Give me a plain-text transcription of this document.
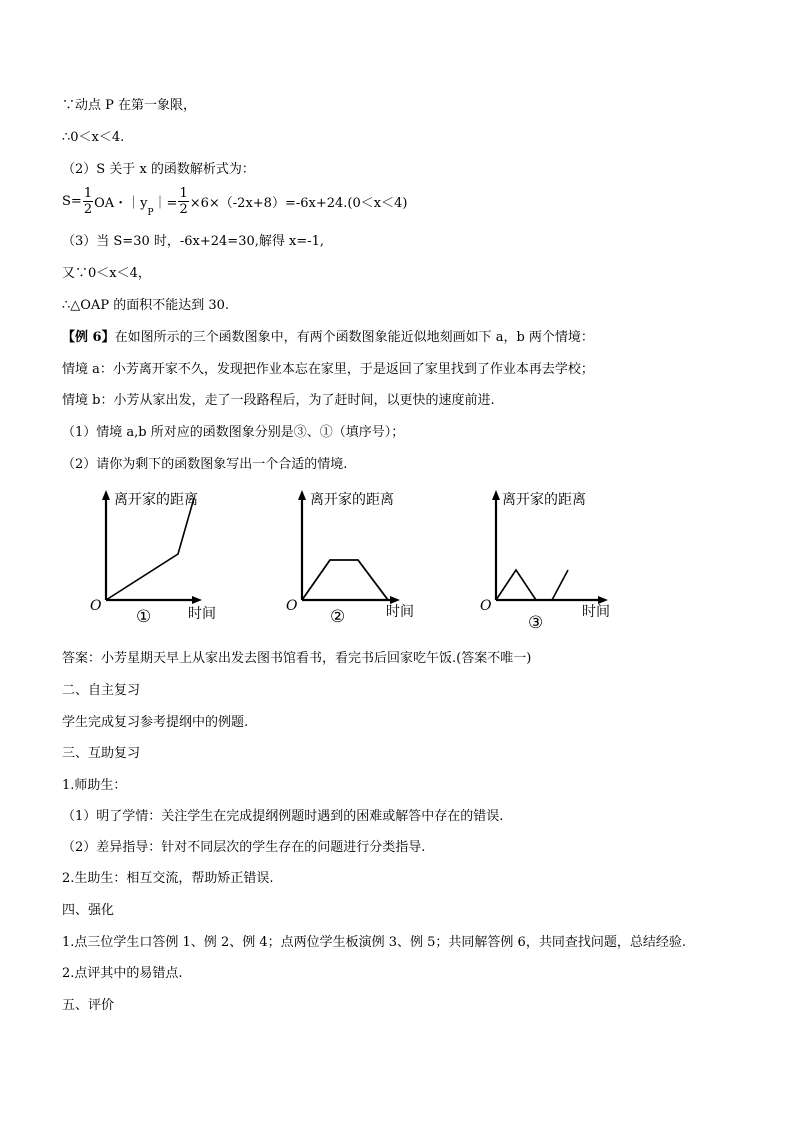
∵动点 P 在第一象限，
∴0＜x＜4.
（2）S 关于 x 的函数解析式为：
$S= \frac{1}{2}$ OA・$|y_P|= \frac{1}{2} \times 6\times(-2x+8)=-6x+24.(0<x<4)$
（3）当 S=30 时，-6x+24=30,解得 x=-1,
又∵0＜x＜4，
∴△OAP 的面积不能达到 30.
【例 6】在如图所示的三个函数图象中，有两个函数图象能近似地刻画如下 a，b 两个情境：
情境 a：小芳离开家不久，发现把作业本忘在家里，于是返回了家里找到了作业本再去学校；
情境 b：小芳从家出发，走了一段路程后，为了赶时间，以更快的速度前进.
（1）情境 a,b 所对应的函数图象分别是③、①（填序号）；
（2）请你为剩下的函数图象写出一个合适的情境.
离开家的距离
O	时间
①
离开家的距离
O	时间
②
离开家的距离
O	时间
③
答案：小芳星期天早上从家出发去图书馆看书，看完书后回家吃午饭.(答案不唯一)
二、自主复习
学生完成复习参考提纲中的例题.
三、互助复习
1.师助生：
（1）明了学情：关注学生在完成提纲例题时遇到的困难或解答中存在的错误.
（2）差异指导：针对不同层次的学生存在的问题进行分类指导.
2.生助生：相互交流，帮助矫正错误.
四、强化
1.点三位学生口答例 1、例 2、例 4；点两位学生板演例 3、例 5；共同解答例 6，共同查找问题，总结经验.
2.点评其中的易错点.
五、评价
